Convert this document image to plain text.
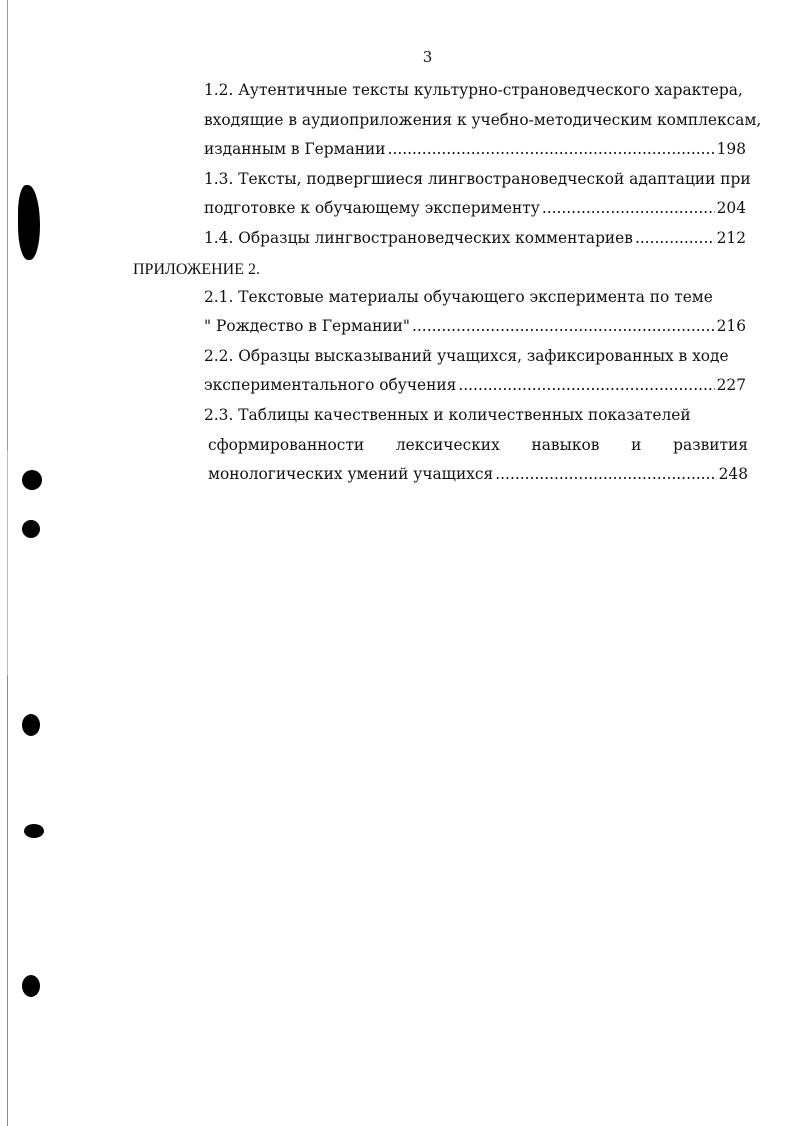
3
1.2. Аутентичные тексты культурно-страноведческого характера,
входящие в аудиоприложения к учебно-методическим комплексам,
изданным в Германии .....	198
1.3. Тексты, подвергшиеся лингвострановедческой адаптации при
подготовке к обучающему эксперименту .....	204
1.4. Образцы лингвострановедческих комментариев .....	212
ПРИЛОЖЕНИЕ 2.
2.1. Текстовые материалы обучающего эксперимента по теме
" Рождество в Германии" .....	216
2.2. Образцы высказываний учащихся, зафиксированных в ходе
экспериментального обучения .....	227
2.3. Таблицы качественных и количественных показателей
сформированности лексических навыков и развития
монологических умений учащихся .....	248
